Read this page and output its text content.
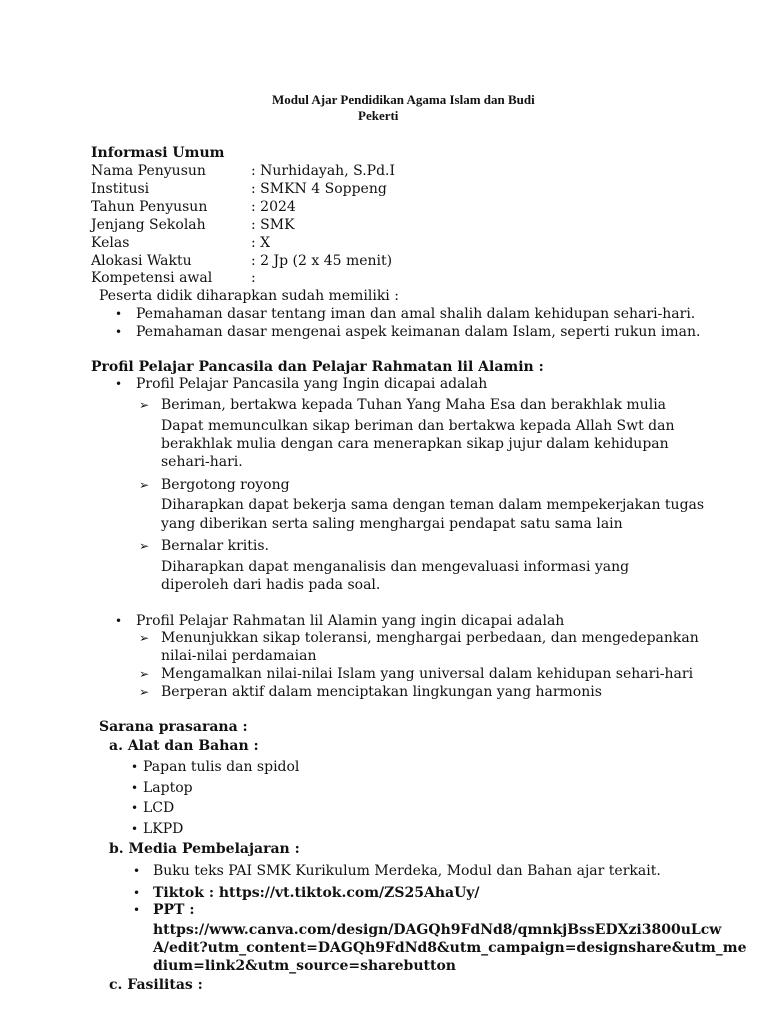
Modul Ajar Pendidikan Agama Islam dan Budi
Pekerti
Informasi Umum
Nama Penyusun	: Nurhidayah, S.Pd.I
Institusi	: SMKN 4 Soppeng
Tahun Penyusun	: 2024
Jenjang Sekolah	: SMK
Kelas	: X
Alokasi Waktu	: 2 Jp (2 x 45 menit)
Kompetensi awal	:
Peserta didik diharapkan sudah memiliki :
• Pemahaman dasar tentang iman dan amal shalih dalam kehidupan sehari-hari.
• Pemahaman dasar mengenai aspek keimanan dalam Islam, seperti rukun iman.
Profil Pelajar Pancasila dan Pelajar Rahmatan lil Alamin :
• Profil Pelajar Pancasila yang Ingin dicapai adalah
➢ Beriman, bertakwa kepada Tuhan Yang Maha Esa dan berakhlak mulia
Dapat memunculkan sikap beriman dan bertakwa kepada Allah Swt dan
berakhlak mulia dengan cara menerapkan sikap jujur dalam kehidupan
sehari-hari.
➢ Bergotong royong
Diharapkan dapat bekerja sama dengan teman dalam mempekerjakan tugas
yang diberikan serta saling menghargai pendapat satu sama lain
➢ Bernalar kritis.
Diharapkan dapat menganalisis dan mengevaluasi informasi yang
diperoleh dari hadis pada soal.
• Profil Pelajar Rahmatan lil Alamin yang ingin dicapai adalah
➢ Menunjukkan sikap toleransi, menghargai perbedaan, dan mengedepankan
nilai-nilai perdamaian
➢ Mengamalkan nilai-nilai Islam yang universal dalam kehidupan sehari-hari
➢ Berperan aktif dalam menciptakan lingkungan yang harmonis
Sarana prasarana :
a. Alat dan Bahan :
• Papan tulis dan spidol
• Laptop
• LCD
• LKPD
b. Media Pembelajaran :
• Buku teks PAI SMK Kurikulum Merdeka, Modul dan Bahan ajar terkait.
• Tiktok : https://vt.tiktok.com/ZS25AhaUy/
• PPT :
https://www.canva.com/design/DAGQh9FdNd8/qmnkjBssEDXzi3800uLcw
A/edit?utm_content=DAGQh9FdNd8&utm_campaign=designshare&utm_me
dium=link2&utm_source=sharebutton
c. Fasilitas :
